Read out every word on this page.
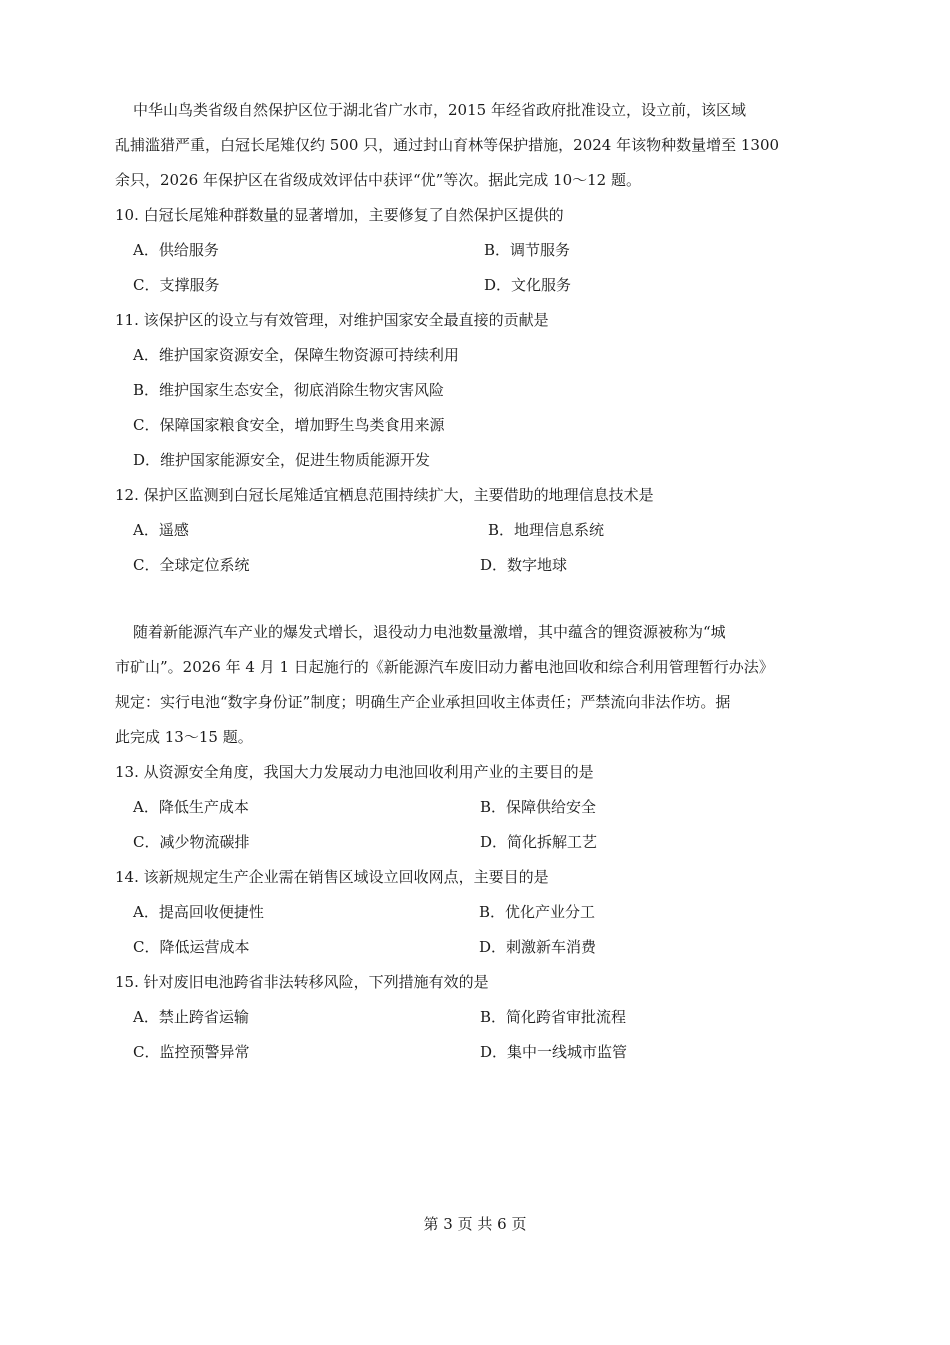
中华山鸟类省级自然保护区位于湖北省广水市，2015 年经省政府批准设立，设立前，该区域
乱捕滥猎严重，白冠长尾雉仅约 500 只，通过封山育林等保护措施，2024 年该物种数量增至 1300
余只，2026 年保护区在省级成效评估中获评“优”等次。据此完成 10～12 题。
10. 白冠长尾雉种群数量的显著增加，主要修复了自然保护区提供的
A．供给服务	B．调节服务
C．支撑服务	D．文化服务
11. 该保护区的设立与有效管理，对维护国家安全最直接的贡献是
A．维护国家资源安全，保障生物资源可持续利用
B．维护国家生态安全，彻底消除生物灾害风险
C．保障国家粮食安全，增加野生鸟类食用来源
D．维护国家能源安全，促进生物质能源开发
12. 保护区监测到白冠长尾雉适宜栖息范围持续扩大，主要借助的地理信息技术是
A．遥感	B．地理信息系统
C．全球定位系统	D．数字地球
随着新能源汽车产业的爆发式增长，退役动力电池数量激增，其中蕴含的锂资源被称为“城
市矿山”。2026 年 4 月 1 日起施行的《新能源汽车废旧动力蓄电池回收和综合利用管理暂行办法》
规定：实行电池“数字身份证”制度；明确生产企业承担回收主体责任；严禁流向非法作坊。据
此完成 13～15 题。
13. 从资源安全角度，我国大力发展动力电池回收利用产业的主要目的是
A．降低生产成本	B．保障供给安全
C．减少物流碳排	D．简化拆解工艺
14. 该新规规定生产企业需在销售区域设立回收网点，主要目的是
A．提高回收便捷性	B．优化产业分工
C．降低运营成本	D．刺激新车消费
15. 针对废旧电池跨省非法转移风险，下列措施有效的是
A．禁止跨省运输	B．简化跨省审批流程
C．监控预警异常	D．集中一线城市监管
第 3 页 共 6 页
